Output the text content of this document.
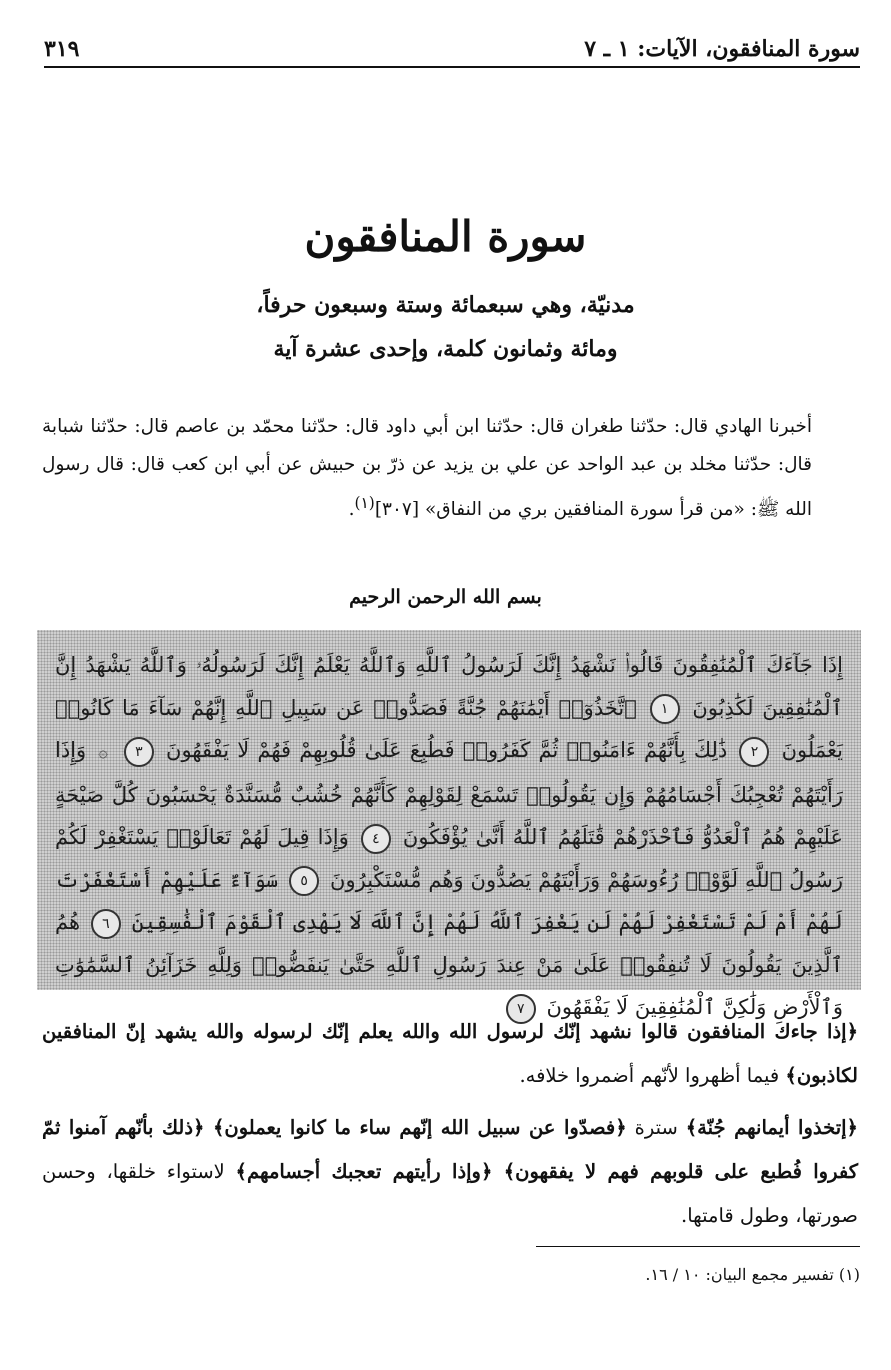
٣١٩	سورة المنافقون، الآيات: ١ ـ ٧
سورة المنافقون
مدنيّة، وهي سبعمائة وستة وسبعون حرفاً،
ومائة وثمانون كلمة، وإحدى عشرة آية
أخبرنا الهادي قال: حدّثنا طغران قال: حدّثنا ابن أبي داود قال: حدّثنا محمّد بن عاصم قال: حدّثنا شبابة قال: حدّثنا مخلد بن عبد الواحد عن علي بن يزيد عن ذرّ بن حبيش عن أبي ابن كعب قال: قال رسول الله ﷺ: «من قرأ سورة المنافقين بري من النفاق» [٣٠٧]$^{(١)}$.
بسم الله الرحمن الرحيم
إِذَا جَآءَكَ ٱلْمُنَٰفِقُونَ قَالُوا۟ نَشْهَدُ إِنَّكَ لَرَسُولُ ٱللَّهِ وَٱللَّهُ يَعْلَمُ إِنَّكَ لَرَسُولُهُۥ وَٱللَّهُ يَشْهَدُ إِنَّ ٱلْمُنَٰفِقِينَ لَكَٰذِبُونَ ١ ٱتَّخَذُوٓا۟ أَيْمَٰنَهُمْ جُنَّةً فَصَدُّوا۟ عَن سَبِيلِ ٱللَّهِ إِنَّهُمْ سَآءَ مَا كَانُوا۟ يَعْمَلُونَ ٢ ذَٰلِكَ بِأَنَّهُمْ ءَامَنُوا۟ ثُمَّ كَفَرُوا۟ فَطُبِعَ عَلَىٰ قُلُوبِهِمْ فَهُمْ لَا يَفْقَهُونَ ٣ ۞ وَإِذَا رَأَيْتَهُمْ تُعْجِبُكَ أَجْسَامُهُمْ وَإِن يَقُولُوا۟ تَسْمَعْ لِقَوْلِهِمْ كَأَنَّهُمْ خُشُبٌ مُّسَنَّدَةٌ يَحْسَبُونَ كُلَّ صَيْحَةٍ عَلَيْهِمْ هُمُ ٱلْعَدُوُّ فَٱحْذَرْهُمْ قَٰتَلَهُمُ ٱللَّهُ أَنَّىٰ يُؤْفَكُونَ ٤ وَإِذَا قِيلَ لَهُمْ تَعَالَوْا۟ يَسْتَغْفِرْ لَكُمْ رَسُولُ ٱللَّهِ لَوَّوْا۟ رُءُوسَهُمْ وَرَأَيْتَهُمْ يَصُدُّونَ وَهُم مُّسْتَكْبِرُونَ ٥ سَوَآءٌ عَلَيْهِمْ أَسْتَغْفَرْتَ لَهُمْ أَمْ لَمْ تَسْتَغْفِرْ لَهُمْ لَن يَغْفِرَ ٱللَّهُ لَهُمْ إِنَّ ٱللَّهَ لَا يَهْدِى ٱلْقَوْمَ ٱلْفَٰسِقِينَ ٦ هُمُ ٱلَّذِينَ يَقُولُونَ لَا تُنفِقُوا۟ عَلَىٰ مَنْ عِندَ رَسُولِ ٱللَّهِ حَتَّىٰ يَنفَضُّوا۟ وَلِلَّهِ خَزَآئِنُ ٱلسَّمَٰوَٰتِ وَٱلْأَرْضِ وَلَٰكِنَّ ٱلْمُنَٰفِقِينَ لَا يَفْقَهُونَ ٧

﴿إذا جاءك المنافقون قالوا نشهد إنّك لرسول الله والله يعلم إنّك لرسوله والله يشهد إنّ المنافقين لكاذبون﴾ فيما أظهروا لأنّهم أضمروا خلافه.

﴿إتخذوا أيمانهم جُنّة﴾ سترة ﴿فصدّوا عن سبيل الله إنّهم ساء ما كانوا يعملون﴾ ﴿ذلك بأنّهم آمنوا ثمّ كفروا فُطبع على قلوبهم فهم لا يفقهون﴾ ﴿وإذا رأيتهم تعجبك أجسامهم﴾ لاستواء خلقها، وحسن صورتها، وطول قامتها.

(١) تفسير مجمع البيان: ١٠ / ١٦.
